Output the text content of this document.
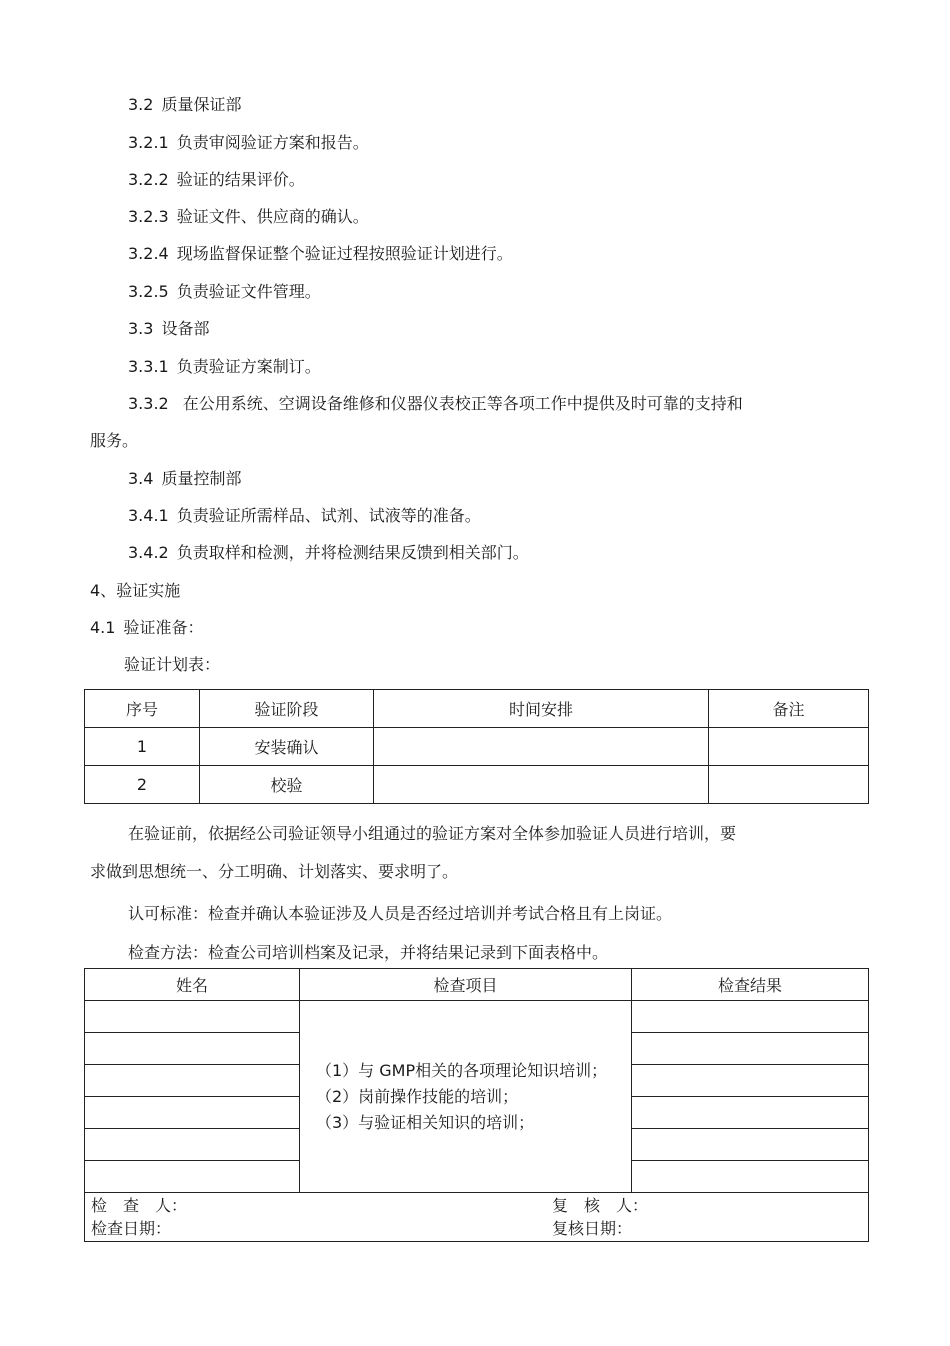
3.2 质量保证部
3.2.1 负责审阅验证方案和报告。
3.2.2 验证的结果评价。
3.2.3 验证文件、供应商的确认。
3.2.4 现场监督保证整个验证过程按照验证计划进行。
3.2.5 负责验证文件管理。
3.3 设备部
3.3.1 负责验证方案制订。
3.3.2 在公用系统、空调设备维修和仪器仪表校正等各项工作中提供及时可靠的支持和
服务。
3.4 质量控制部
3.4.1 负责验证所需样品、试剂、试液等的准备。
3.4.2 负责取样和检测，并将检测结果反馈到相关部门。
4、验证实施
4.1 验证准备：
验证计划表：
序号	验证阶段	时间安排	备注
1	安装确认		
2	校验		
在验证前，依据经公司验证领导小组通过的验证方案对全体参加验证人员进行培训，要
求做到思想统一、分工明确、计划落实、要求明了。
认可标准：检查并确认本验证涉及人员是否经过培训并考试合格且有上岗证。
检查方法：检查公司培训档案及记录，并将结果记录到下面表格中。
姓名	检查项目	检查结果

	（1）与 GMP相关的各项理论知识培训；
（2）岗前操作技能的培训；
（3）与验证相关知识的培训；	

检　查　人：
检查日期：
复　核　人：
复核日期：		
